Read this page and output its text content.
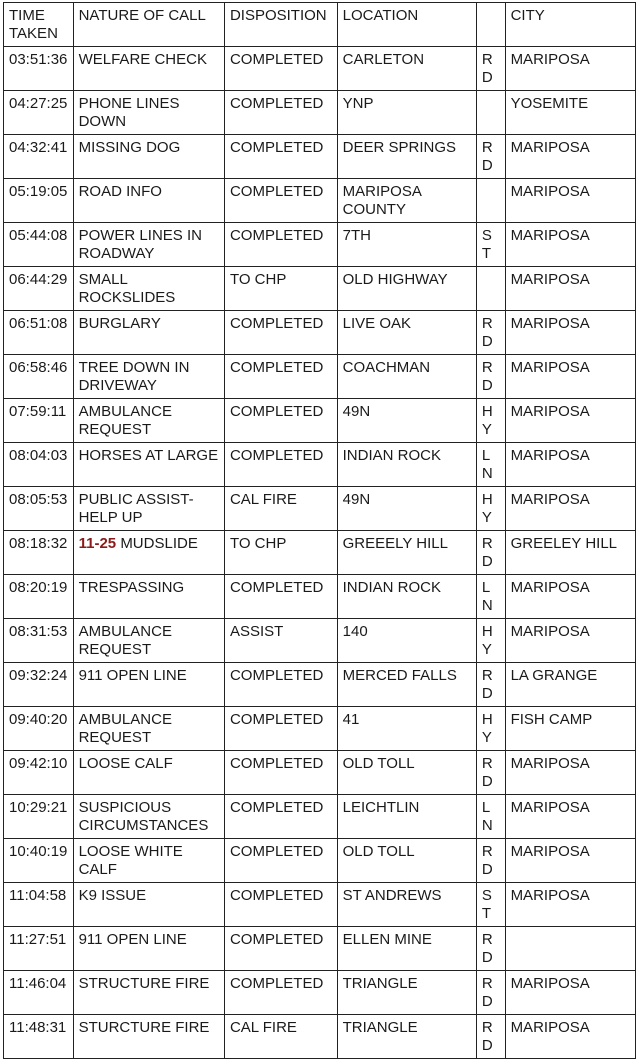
TIME TAKEN	NATURE OF CALL	DISPOSITION	LOCATION		CITY
03:51:36	WELFARE CHECK	COMPLETED	CARLETON	RD	MARIPOSA
04:27:25	PHONE LINES DOWN	COMPLETED	YNP		YOSEMITE
04:32:41	MISSING DOG	COMPLETED	DEER SPRINGS	RD	MARIPOSA
05:19:05	ROAD INFO	COMPLETED	MARIPOSA COUNTY		MARIPOSA
05:44:08	POWER LINES IN ROADWAY	COMPLETED	7TH	ST	MARIPOSA
06:44:29	SMALL ROCKSLIDES	TO CHP	OLD HIGHWAY		MARIPOSA
06:51:08	BURGLARY	COMPLETED	LIVE OAK	RD	MARIPOSA
06:58:46	TREE DOWN IN DRIVEWAY	COMPLETED	COACHMAN	RD	MARIPOSA
07:59:11	AMBULANCE REQUEST	COMPLETED	49N	HY	MARIPOSA
08:04:03	HORSES AT LARGE	COMPLETED	INDIAN ROCK	LN	MARIPOSA
08:05:53	PUBLIC ASSIST-HELP UP	CAL FIRE	49N	HY	MARIPOSA
08:18:32	11-25 MUDSLIDE	TO CHP	GREEELY HILL	RD	GREELEY HILL
08:20:19	TRESPASSING	COMPLETED	INDIAN ROCK	LN	MARIPOSA
08:31:53	AMBULANCE REQUEST	ASSIST	140	HY	MARIPOSA
09:32:24	911 OPEN LINE	COMPLETED	MERCED FALLS	RD	LA GRANGE
09:40:20	AMBULANCE REQUEST	COMPLETED	41	HY	FISH CAMP
09:42:10	LOOSE CALF	COMPLETED	OLD TOLL	RD	MARIPOSA
10:29:21	SUSPICIOUS CIRCUMSTANCES	COMPLETED	LEICHTLIN	LN	MARIPOSA
10:40:19	LOOSE WHITE CALF	COMPLETED	OLD TOLL	RD	MARIPOSA
11:04:58	K9 ISSUE	COMPLETED	ST ANDREWS	ST	MARIPOSA
11:27:51	911 OPEN LINE	COMPLETED	ELLEN MINE	RD	
11:46:04	STRUCTURE FIRE	COMPLETED	TRIANGLE	RD	MARIPOSA
11:48:31	STURCTURE FIRE	CAL FIRE	TRIANGLE	RD	MARIPOSA
